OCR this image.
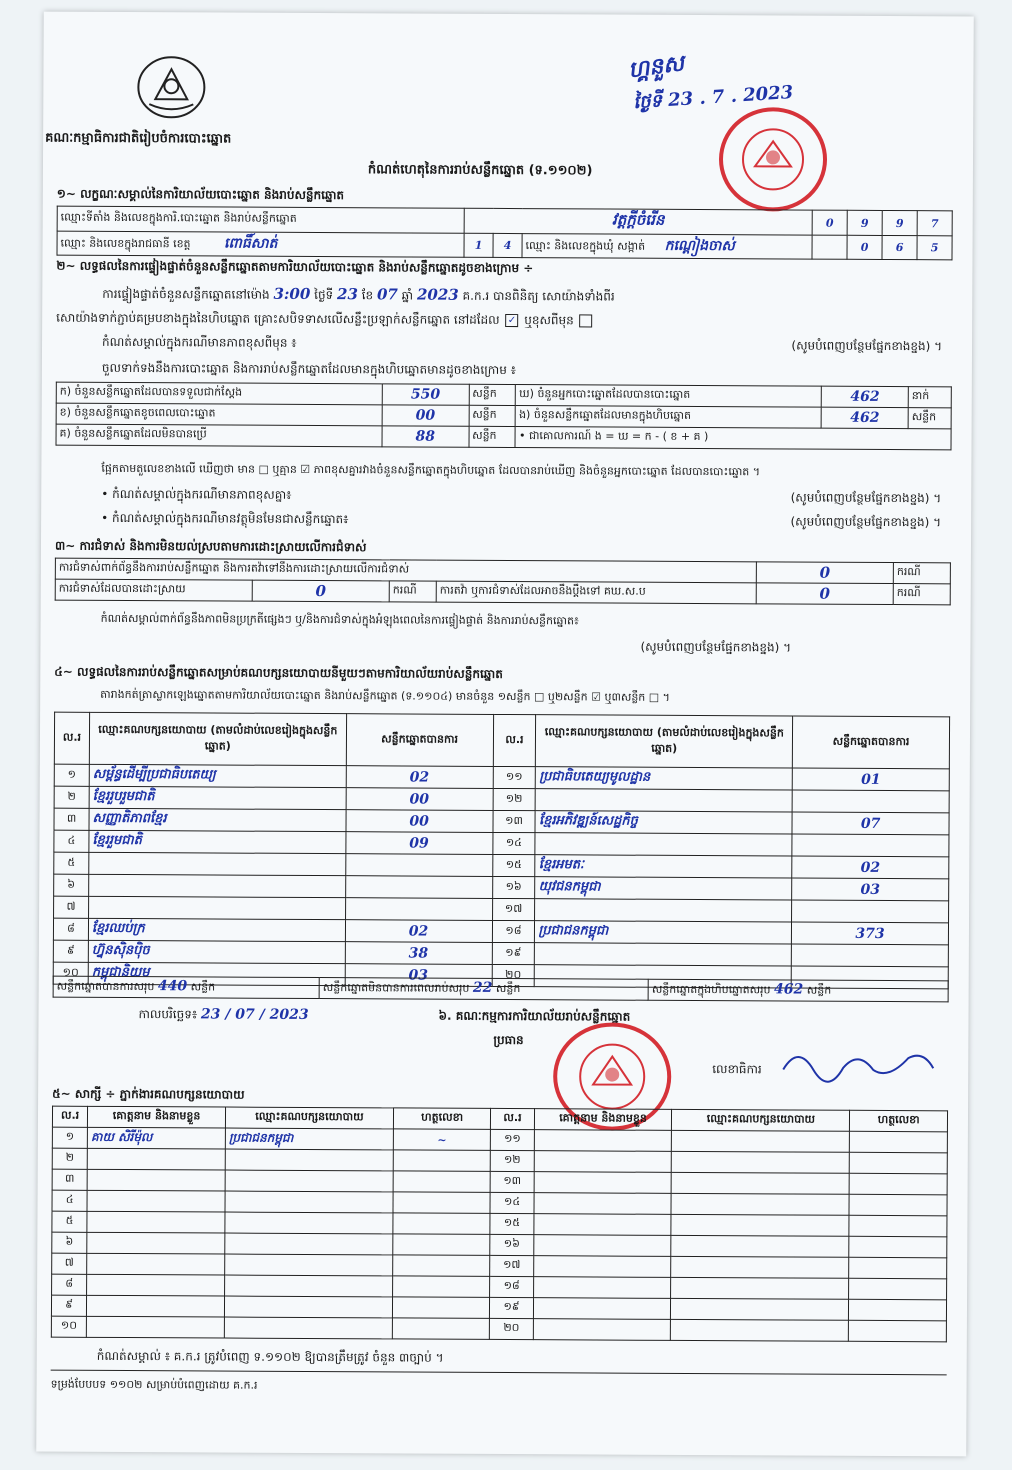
គណៈកម្មាធិការជាតិរៀបចំការបោះឆ្នោត
ហ្គនួស
ថ្ងៃទី 23 . 7 . 2023
កំណត់ហេតុនៃការរាប់សន្លឹកឆ្នោត (ទ.១១០២)
១~ លក្ខណៈសម្គាល់នៃការិយាល័យបោះឆ្នោត និងរាប់សន្លឹកឆ្នោត
ឈ្មោះទីតាំង និងលេខក្នុងការិ.បោះឆ្នោត និងរាប់សន្លឹកឆ្នោត	វត្តក្ដីចំរើន			0	9	9	7
ឈ្មោះ និងលេខក្នុងរាជធានី ខេត្ត ពោធិ៍សាត់	1	4	ឈ្មោះ និងលេខក្នុងឃុំ សង្កាត់ កណ្ដៀងចាស់		0	6	5
២~ លទ្ធផលនៃការផ្ទៀងផ្ទាត់ចំនួនសន្លឹកឆ្នោតតាមការិយាល័យបោះឆ្នោត និងរាប់សន្លឹកឆ្នោតដូចខាងក្រោម ÷
ការផ្ទៀងផ្ទាត់ចំនួនសន្លឹកឆ្នោតនៅម៉ោង 3:00 ថ្ងៃទី 23 ខែ 07 ឆ្នាំ 2023 គ.ក.រ បានពិនិត្យ សោយ៉ាងទាំងពីរ
សោយ៉ាងទាក់ភ្ជាប់គម្របខាងក្នុងនៃហិបឆ្នោត គ្រោះសបិទទាសលើសន្លឹះប្រឡាក់សន្លឹកឆ្នោត នៅដដែល ✓ ឬខុសពីមុន
កំណត់សម្គាល់ក្នុងករណីមានភាពខុសពីមុន ៖	(សូមបំពេញបន្ថែមផ្នែកខាងខ្នង) ។
ចួលទាក់ទងនឹងការបោះឆ្នោត និងការរាប់សន្លឹកឆ្នោតដែលមានក្នុងហិបឆ្នោតមានដូចខាងក្រោម ៖
ក) ចំនួនសន្លឹកឆ្នោតដែលបានទទួលជាក់ស្តែង	550	សន្លឹក	ឃ) ចំនួនអ្នកបោះឆ្នោតដែលបានបោះឆ្នោត	462	នាក់
ខ) ចំនួនសន្លឹកឆ្នោតខូចពេលបោះឆ្នោត	00	សន្លឹក	ង) ចំនួនសន្លឹកឆ្នោតដែលមានក្នុងហិបឆ្នោត	462	សន្លឹក
គ) ចំនួនសន្លឹកឆ្នោតដែលមិនបានប្រើ	88	សន្លឹក	• ជាគោលការណ៍ ង = ឃ = ក - ( ខ + គ )		
ផ្អែកតាមតួលេខខាងលើ ឃើញថា មាន □ ឬគ្មាន ☑ ភាពខុសគ្នារវាងចំនួនសន្លឹកឆ្នោតក្នុងហិបឆ្នោត ដែលបានរាប់ឃើញ និងចំនួនអ្នកបោះឆ្នោត ដែលបានបោះឆ្នោត ។
• កំណត់សម្គាល់ក្នុងករណីមានភាពខុសគ្នា៖	(សូមបំពេញបន្ថែមផ្នែកខាងខ្នង) ។
• កំណត់សម្គាល់ក្នុងករណីមានវត្ថុមិនមែនជាសន្លឹកឆ្នោត៖	(សូមបំពេញបន្ថែមផ្នែកខាងខ្នង) ។
៣~ ការជំទាស់ និងការមិនយល់ស្របតាមការដោះស្រាយលើការជំទាស់
ការជំទាស់ពាក់ព័ន្ធនឹងការរាប់សន្លឹកឆ្នោត និងការតវ៉ាទៅនឹងការដោះស្រាយលើការជំទាស់				0	ករណី
ការជំទាស់ដែលបានដោះស្រាយ	0	ករណី	ការតវ៉ា ឬការជំទាស់ដែលអាចនឹងប្ដឹងទៅ គឃ.ស.ប	0	ករណី
កំណត់សម្គាល់ពាក់ព័ន្ធនឹងភាពមិនប្រក្រតីផ្សេងៗ ឬ/និងការជំទាស់ក្នុងអំឡុងពេលនៃការផ្ទៀងផ្ទាត់ និងការរាប់សន្លឹកឆ្នោត៖
(សូមបំពេញបន្ថែមផ្នែកខាងខ្នង) ។
៤~ លទ្ធផលនៃការរាប់សន្លឹកឆ្នោតសម្រាប់គណបក្សនយោបាយនីមួយៗតាមការិយាល័យរាប់សន្លឹកឆ្នោត
តារាងកត់ត្រាស្លាកឡេងឆ្នោតតាមការិយាល័យបោះឆ្នោត និងរាប់សន្លឹកឆ្នោត (ទ.១១០៤) មានចំនួន ១សន្លឹក □ ឬ២សន្លឹក ☑ ឬ៣សន្លឹក □ ។
ល.រ	ឈ្មោះគណបក្សនយោបាយ (តាមលំដាប់លេខរៀងក្នុងសន្លឹកឆ្នោត)	សន្លឹកឆ្នោតបានការ	ល.រ	ឈ្មោះគណបក្សនយោបាយ (តាមលំដាប់លេខរៀងក្នុងសន្លឹកឆ្នោត)	សន្លឹកឆ្នោតបានការ
១	សម្ព័ន្ធដើម្បីប្រជាធិបតេយ្យ	02	១១	ប្រជាធិបតេយ្យមូលដ្ឋាន	01
២	ខ្មែររួបរួមជាតិ	00	១២		
៣	សញ្ញាតិភាពខ្មែរ	00	១៣	ខ្មែរអភិវឌ្ឍន៍សេដ្ឋកិច្ច	07
៤	ខ្មែររួមជាតិ	09	១៤		
៥			១៥	ខ្មែរអមតៈ	02
៦			១៦	យុវជនកម្ពុជា	03
៧			១៧		
៨	ខ្មែរឈប់ក្រ	02	១៨	ប្រជាជនកម្ពុជា	373
៩	ហ្វ៊ុនស៊ិនប៉ិច	38	១៩		
១០	កម្ពុជានិយម	03	២០		
សន្លឹកឆ្នោតបានការសរុប 440 សន្លឹក	សន្លឹកឆ្នោតមិនបានការពេលរាប់សរុប 22 សន្លឹក	សន្លឹកឆ្នោតក្នុងហិបឆ្នោតសរុប 462 សន្លឹក
កាលបរិច្ឆេទ៖ 23 / 07 / 2023	៦. គណៈកម្មការការិយាល័យរាប់សន្លឹកឆ្នោត
ប្រធាន
លេខាធិការ
៥~ សាក្សី ÷ ភ្នាក់ងារគណបក្សនយោបាយ
ល.រ	គោត្តនាម និងនាមខ្លួន	ឈ្មោះគណបក្សនយោបាយ	ហត្ថលេខា	ល.រ	គោត្តនាម និងនាមខ្លួន	ឈ្មោះគណបក្សនយោបាយ	ហត្ថលេខា
១	គាយ សិរីម៉ុល	ប្រជាជនកម្ពុជា	~	១១			
២				១២			
៣				១៣			
៤				១៤			
៥				១៥			
៦				១៦			
៧				១៧			
៨				១៨			
៩				១៩			
១០				២០			
កំណត់សម្គាល់ ៖ គ.ក.រ ត្រូវបំពេញ ទ.១១០២ ឱ្យបានត្រឹមត្រូវ ចំនួន ៣ច្បាប់ ។
ទម្រង់បែបបទ ១១០២ សម្រាប់បំពេញដោយ គ.ក.រ
